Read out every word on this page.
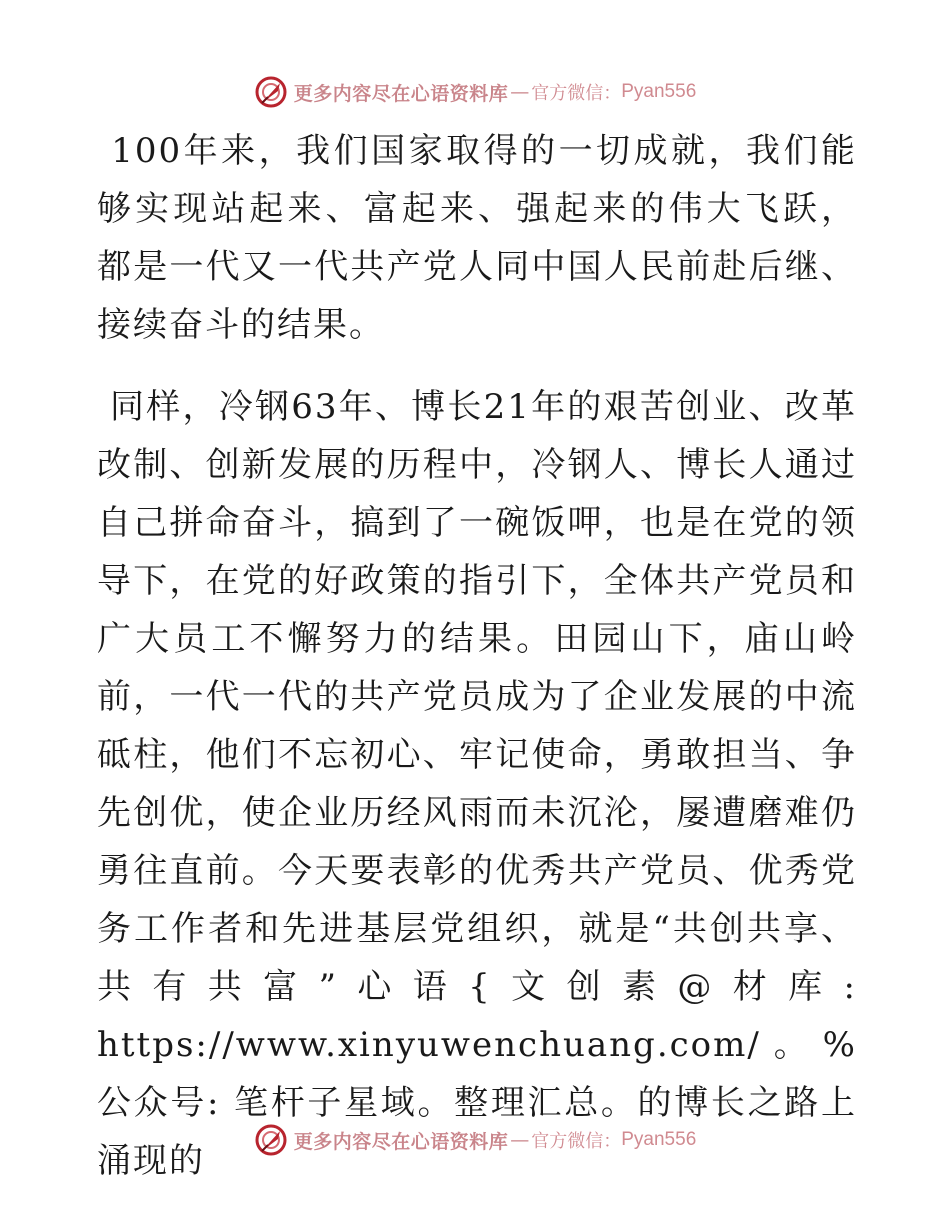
更多内容尽在心语资料库 — 官方微信： Pyan556

100年来，我们国家取得的一切成就，我们能够实现站起来、富起来、强起来的伟大飞跃，  都是一代又一代共产党人同中国人民前赴后继、接续奋斗的结果。

同样，冷钢63年、博长21年的艰苦创业、改革改制、创新发展的历程中，冷钢人、博长人通过自己拼命奋斗，搞到了一碗饭呷，也是在党的领导下，在党的好政策的指引下，全体共产党员和广大员工不懈努力的结果。田园山下，庙山岭前，一代一代的共产党员成为了企业发展的中流砥柱，他们不忘初心、牢记使命，勇敢担当、争先创优，使企业历经风雨而未沉沦，屡遭磨难仍勇往直前。今天要表彰的优秀共产党员、优秀党务工作者和先进基层党组织，就是“共创共享、共有共富”心语{文创素@材库: https://www.xinyuwenchuang.com/。%公众号: 笔杆子星域。整理汇总。的博长之路上涌现的	更多内容尽在心语资料库 — 官方微信： Pyan556
